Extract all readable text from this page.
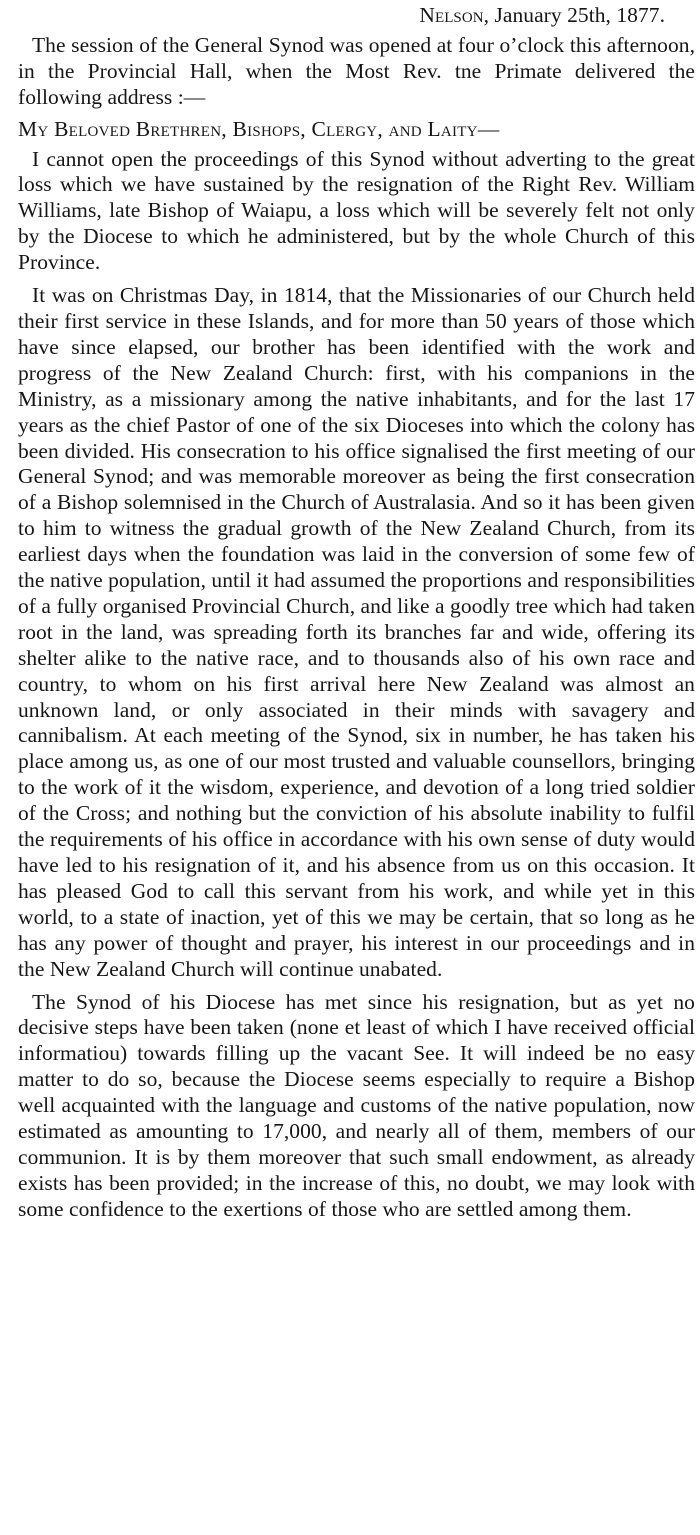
Nelson, January 25th, 1877.

The session of the General Synod was opened at four o’clock this afternoon, in the Provincial Hall, when the Most Rev. tne Primate delivered the following address :—

My Beloved Brethren, Bishops, Clergy, and Laity—

I cannot open the proceedings of this Synod without adverting to the great loss which we have sustained by the resignation of the Right Rev. William Williams, late Bishop of Waiapu, a loss which will be severely felt not only by the Diocese to which he administered, but by the whole Church of this Province.

It was on Christmas Day, in 1814, that the Missionaries of our Church held their first service in these Islands, and for more than 50 years of those which have since elapsed, our brother has been identified with the work and progress of the New Zealand Church: first, with his companions in the Ministry, as a missionary among the native inhabitants, and for the last 17 years as the chief Pastor of one of the six Dioceses into which the colony has been divided. His consecration to his office signalised the first meeting of our General Synod; and was memorable moreover as being the first consecration of a Bishop solemnised in the Church of Australasia. And so it has been given to him to witness the gradual growth of the New Zealand Church, from its earliest days when the foundation was laid in the conversion of some few of the native population, until it had assumed the proportions and responsibilities of a fully organised Provincial Church, and like a goodly tree which had taken root in the land, was spreading forth its branches far and wide, offering its shelter alike to the native race, and to thousands also of his own race and country, to whom on his first arrival here New Zealand was almost an unknown land, or only associated in their minds with savagery and cannibalism. At each meeting of the Synod, six in number, he has taken his place among us, as one of our most trusted and valuable counsellors, bringing to the work of it the wisdom, experience, and devotion of a long tried soldier of the Cross; and nothing but the conviction of his absolute inability to fulfil the requirements of his office in accordance with his own sense of duty would have led to his resignation of it, and his absence from us on this occasion. It has pleased God to call this servant from his work, and while yet in this world, to a state of inaction, yet of this we may be certain, that so long as he has any power of thought and prayer, his interest in our proceedings and in the New Zealand Church will continue unabated.

The Synod of his Diocese has met since his resignation, but as yet no decisive steps have been taken (none et least of which I have received official informatiou) towards filling up the vacant See. It will indeed be no easy matter to do so, because the Diocese seems especially to require a Bishop well acquainted with the language and customs of the native population, now estimated as amounting to 17,000, and nearly all of them, members of our communion. It is by them moreover that such small endowment, as already exists has been provided; in the increase of this, no doubt, we may look with some confidence to the exertions of those who are settled among them.
